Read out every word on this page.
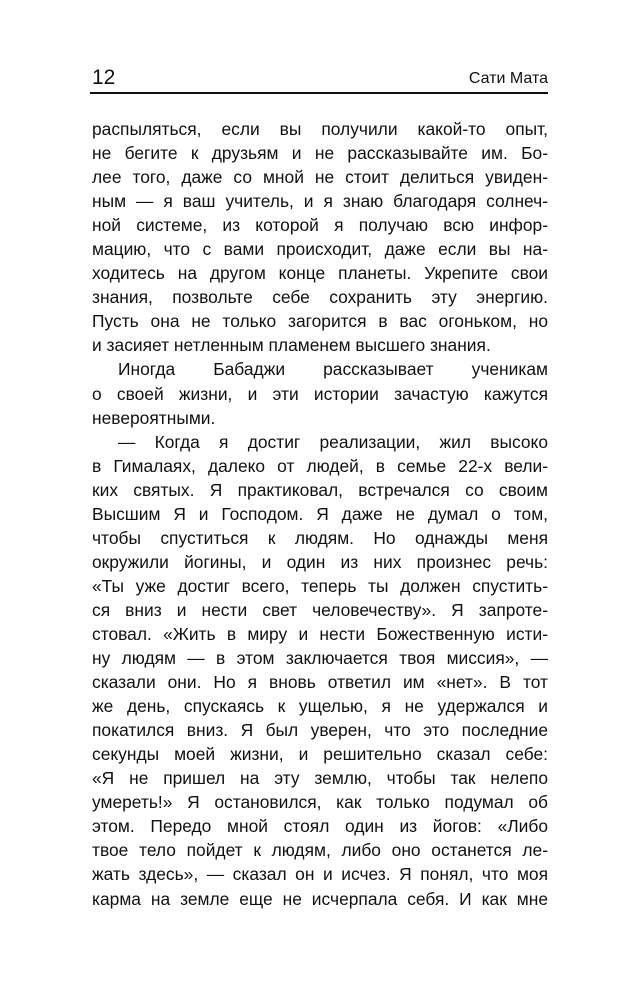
12	Сати Мата
распыляться, если вы получили какой-то опыт,
не бегите к друзьям и не рассказывайте им. Бо-
лее того, даже со мной не стоит делиться увиден-
ным — я ваш учитель, и я знаю благодаря солнеч-
ной системе, из которой я получаю всю инфор-
мацию, что с вами происходит, даже если вы на-
ходитесь на другом конце планеты. Укрепите свои
знания, позвольте себе сохранить эту энергию.
Пусть она не только загорится в вас огоньком, но
и засияет нетленным пламенем высшего знания.
Иногда Бабаджи рассказывает ученикам
о своей жизни, и эти истории зачастую кажутся
невероятными.
— Когда я достиг реализации, жил высоко
в Гималаях, далеко от людей, в семье 22-х вели-
ких святых. Я практиковал, встречался со своим
Высшим Я и Господом. Я даже не думал о том,
чтобы спуститься к людям. Но однажды меня
окружили йогины, и один из них произнес речь:
«Ты уже достиг всего, теперь ты должен спустить-
ся вниз и нести свет человечеству». Я запроте-
стовал. «Жить в миру и нести Божественную исти-
ну людям — в этом заключается твоя миссия», —
сказали они. Но я вновь ответил им «нет». В тот
же день, спускаясь к ущелью, я не удержался и
покатился вниз. Я был уверен, что это последние
секунды моей жизни, и решительно сказал себе:
«Я не пришел на эту землю, чтобы так нелепо
умереть!» Я остановился, как только подумал об
этом. Передо мной стоял один из йогов: «Либо
твое тело пойдет к людям, либо оно останется ле-
жать здесь», — сказал он и исчез. Я понял, что моя
карма на земле еще не исчерпала себя. И как мне
